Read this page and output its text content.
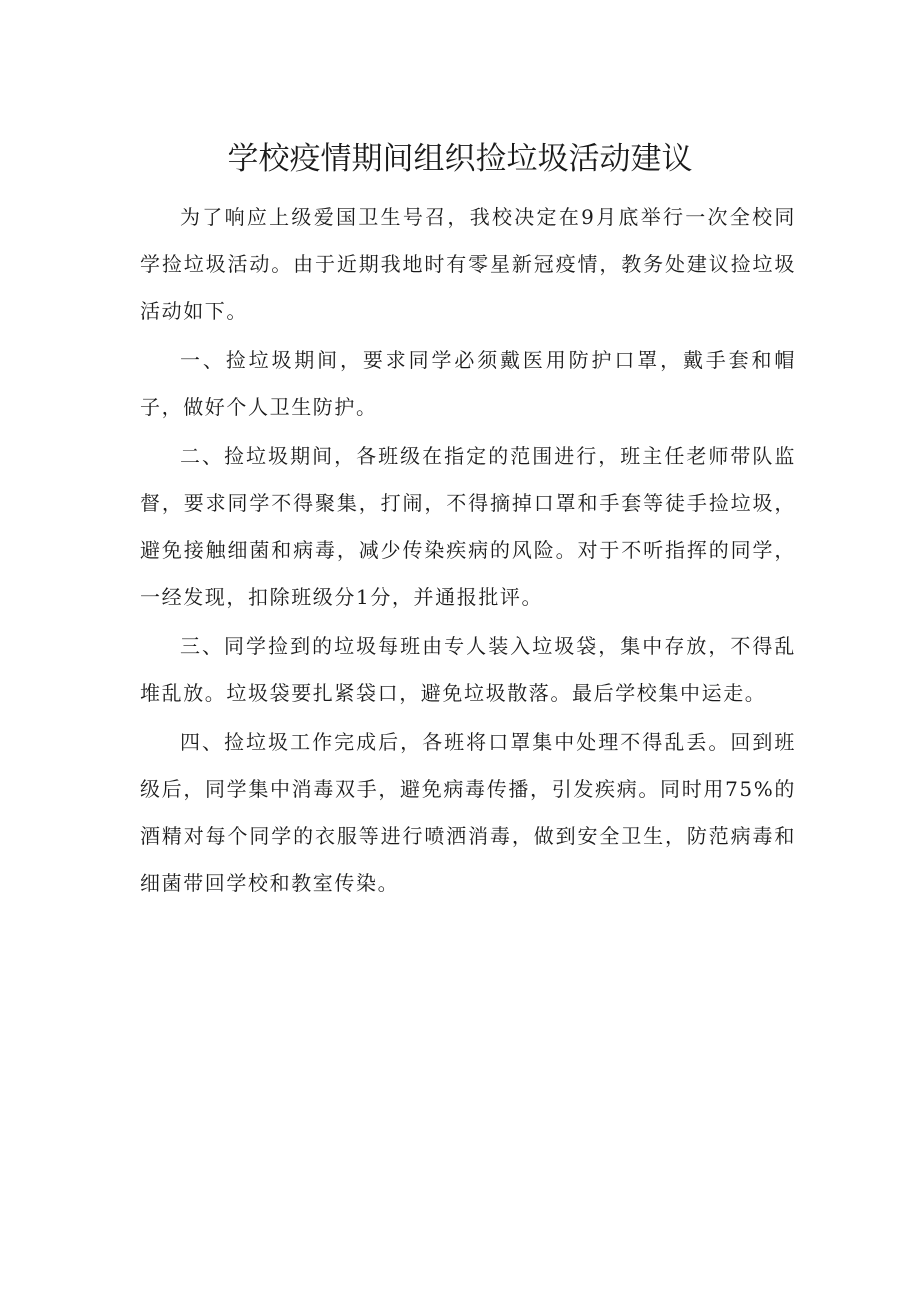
学校疫情期间组织捡垃圾活动建议

为了响应上级爱国卫生号召，我校决定在9月底举行一次全校同学捡垃圾活动。由于近期我地时有零星新冠疫情，教务处建议捡垃圾活动如下。

一、捡垃圾期间，要求同学必须戴医用防护口罩，戴手套和帽子，做好个人卫生防护。

二、捡垃圾期间，各班级在指定的范围进行，班主任老师带队监督，要求同学不得聚集，打闹，不得摘掉口罩和手套等徒手捡垃圾，避免接触细菌和病毒，减少传染疾病的风险。对于不听指挥的同学，一经发现，扣除班级分1分，并通报批评。

三、同学捡到的垃圾每班由专人装入垃圾袋，集中存放，不得乱堆乱放。垃圾袋要扎紧袋口，避免垃圾散落。最后学校集中运走。

四、捡垃圾工作完成后，各班将口罩集中处理不得乱丢。回到班级后，同学集中消毒双手，避免病毒传播，引发疾病。同时用75%的酒精对每个同学的衣服等进行喷洒消毒，做到安全卫生，防范病毒和细菌带回学校和教室传染。
